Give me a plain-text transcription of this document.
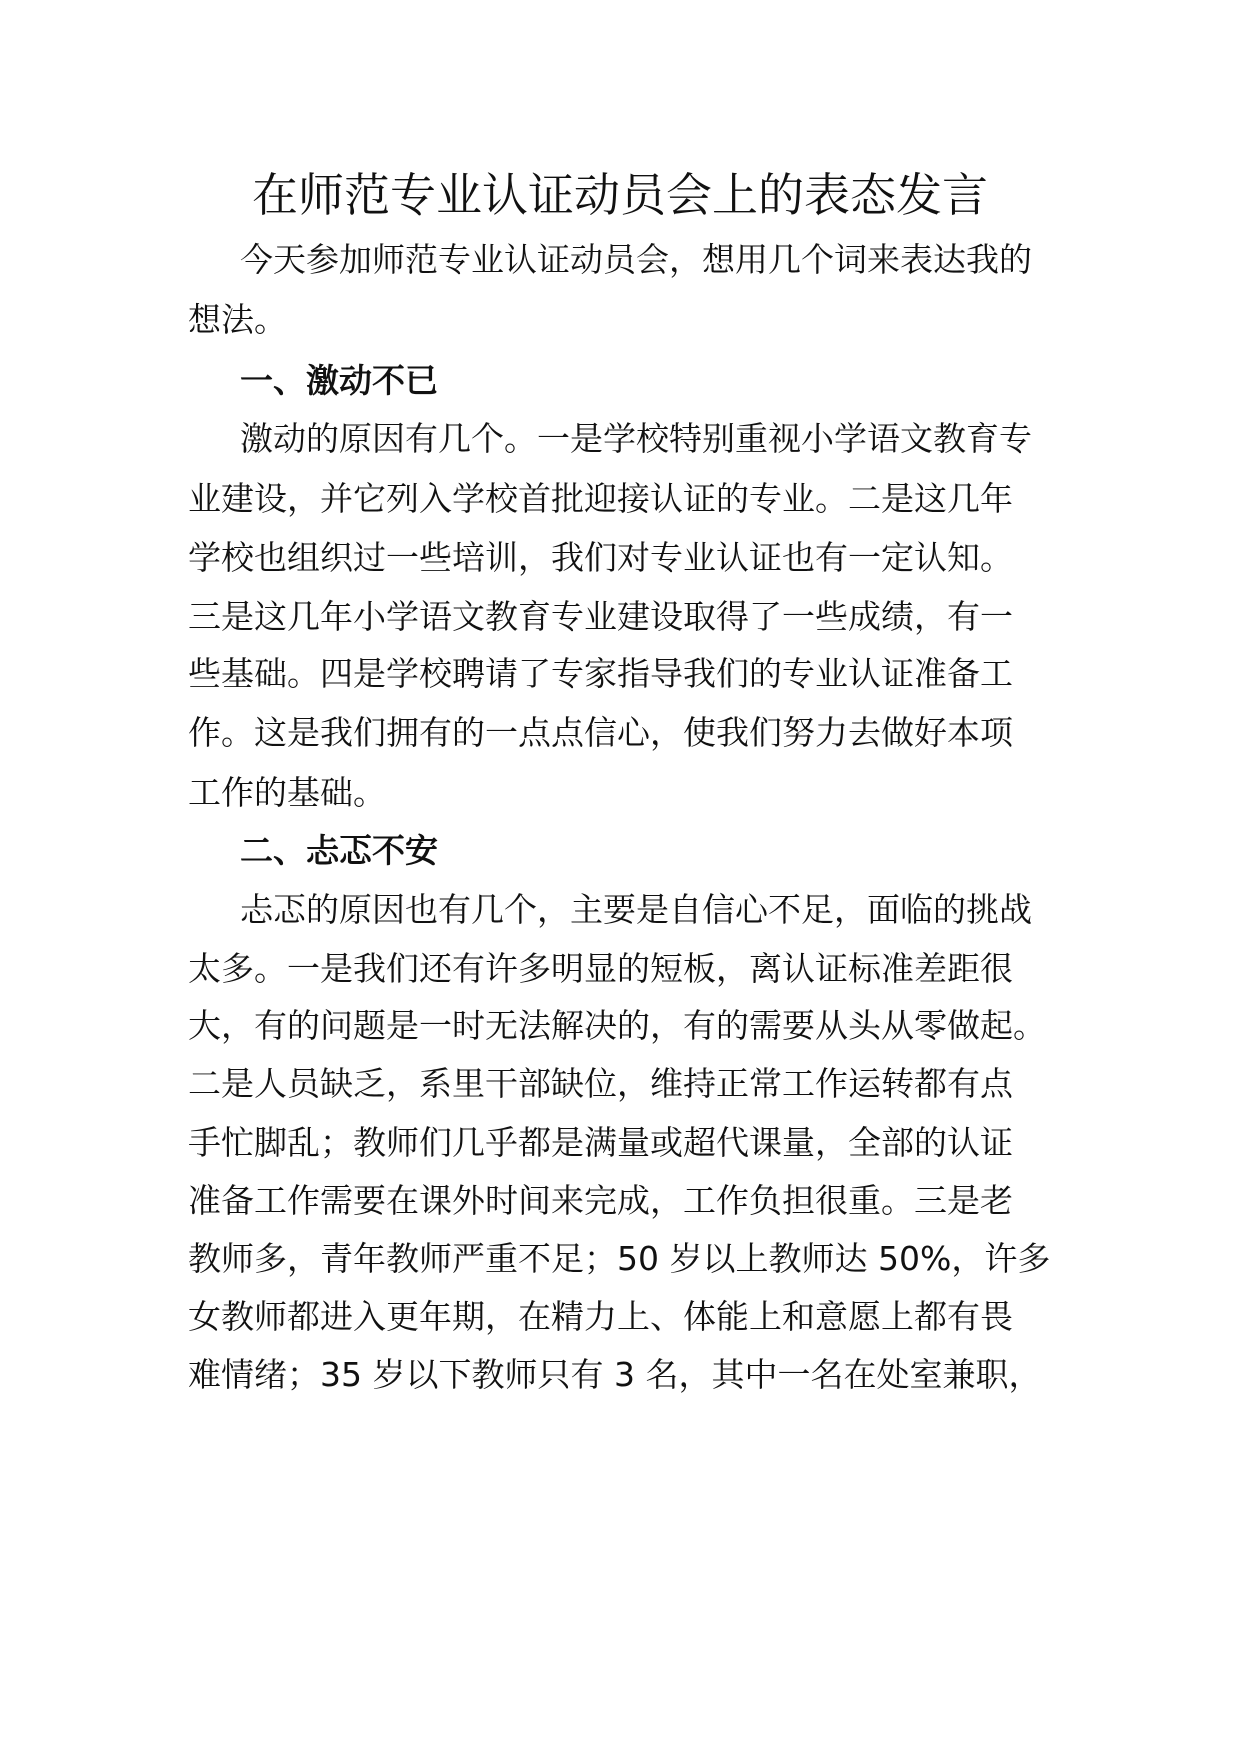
在师范专业认证动员会上的表态发言

今天参加师范专业认证动员会，想用几个词来表达我的

想法。

一、激动不已

激动的原因有几个。一是学校特别重视小学语文教育专

业建设，并它列入学校首批迎接认证的专业。二是这几年

学校也组织过一些培训，我们对专业认证也有一定认知。

三是这几年小学语文教育专业建设取得了一些成绩，有一

些基础。四是学校聘请了专家指导我们的专业认证准备工

作。这是我们拥有的一点点信心，使我们努力去做好本项

工作的基础。

二、忐忑不安

忐忑的原因也有几个，主要是自信心不足，面临的挑战

太多。一是我们还有许多明显的短板，离认证标准差距很

大，有的问题是一时无法解决的，有的需要从头从零做起。

二是人员缺乏，系里干部缺位，维持正常工作运转都有点

手忙脚乱；教师们几乎都是满量或超代课量，全部的认证

准备工作需要在课外时间来完成，工作负担很重。三是老

教师多，青年教师严重不足；50 岁以上教师达 50%，许多

女教师都进入更年期，在精力上、体能上和意愿上都有畏

难情绪；35 岁以下教师只有 3 名，其中一名在处室兼职，
